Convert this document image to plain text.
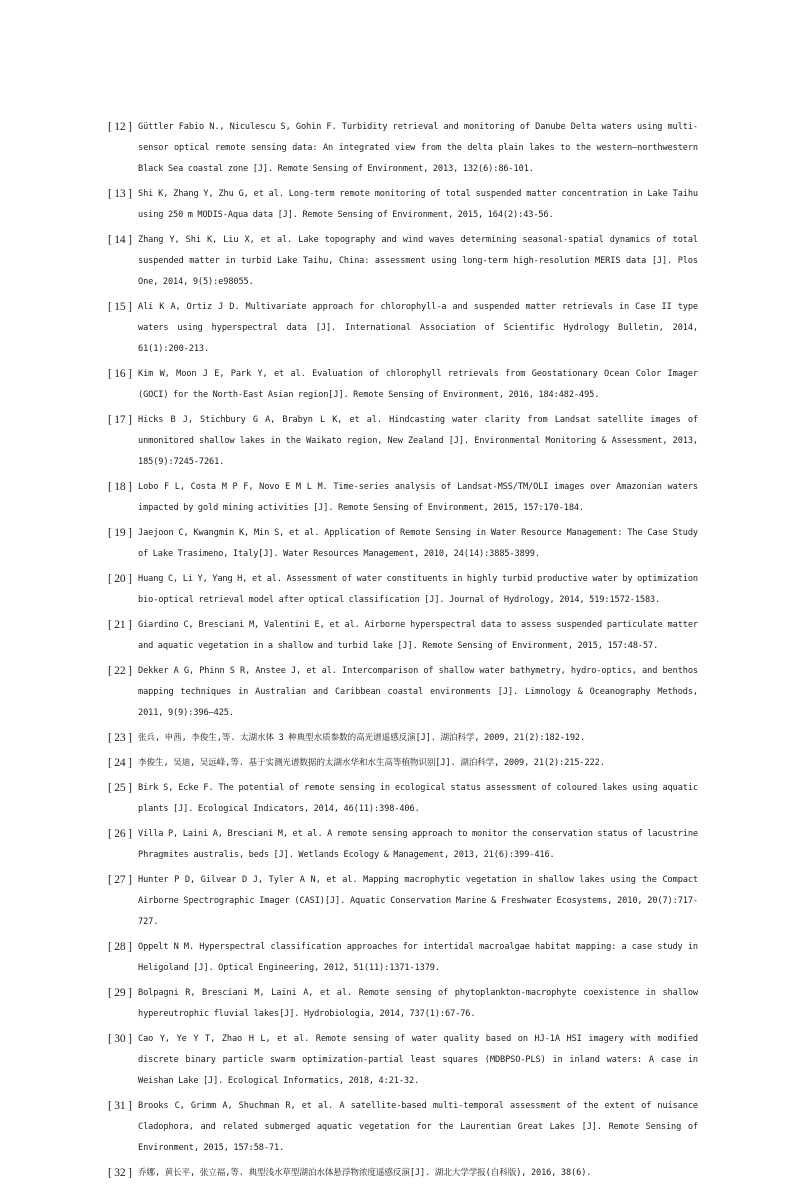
[ 12 ] Güttler Fabio N., Niculescu S, Gohin F. Turbidity retrieval and monitoring of Danube Delta waters using multi-sensor optical remote sensing data: An integrated view from the delta plain lakes to the western–northwestern Black Sea coastal zone [J]. Remote Sensing of Environment, 2013, 132(6):86-101.
[ 13 ] Shi K, Zhang Y, Zhu G, et al. Long-term remote monitoring of total suspended matter concentration in Lake Taihu using 250 m MODIS-Aqua data [J]. Remote Sensing of Environment, 2015, 164(2):43-56.
[ 14 ] Zhang Y, Shi K, Liu X, et al. Lake topography and wind waves determining seasonal-spatial dynamics of total suspended matter in turbid Lake Taihu, China: assessment using long-term high-resolution MERIS data [J]. Plos One, 2014, 9(5):e98055.
[ 15 ] Ali K A, Ortiz J D. Multivariate approach for chlorophyll-a and suspended matter retrievals in Case II type waters using hyperspectral data [J]. International Association of Scientific Hydrology Bulletin, 2014, 61(1):200-213.
[ 16 ] Kim W, Moon J E, Park Y, et al. Evaluation of chlorophyll retrievals from Geostationary Ocean Color Imager (GOCI) for the North-East Asian region[J]. Remote Sensing of Environment, 2016, 184:482-495.
[ 17 ] Hicks B J, Stichbury G A, Brabyn L K, et al. Hindcasting water clarity from Landsat satellite images of unmonitored shallow lakes in the Waikato region, New Zealand [J]. Environmental Monitoring & Assessment, 2013, 185(9):7245-7261.
[ 18 ] Lobo F L, Costa M P F, Novo E M L M. Time-series analysis of Landsat-MSS/TM/OLI images over Amazonian waters impacted by gold mining activities [J]. Remote Sensing of Environment, 2015, 157:170-184.
[ 19 ] Jaejoon C, Kwangmin K, Min S, et al. Application of Remote Sensing in Water Resource Management: The Case Study of Lake Trasimeno, Italy[J]. Water Resources Management, 2010, 24(14):3885-3899.
[ 20 ] Huang C, Li Y, Yang H, et al. Assessment of water constituents in highly turbid productive water by optimization bio-optical retrieval model after optical classification [J]. Journal of Hydrology, 2014, 519:1572-1583.
[ 21 ] Giardino C, Bresciani M, Valentini E, et al. Airborne hyperspectral data to assess suspended particulate matter and aquatic vegetation in a shallow and turbid lake [J]. Remote Sensing of Environment, 2015, 157:48-57.
[ 22 ] Dekker A G, Phinn S R, Anstee J, et al. Intercomparison of shallow water bathymetry, hydro-optics, and benthos mapping techniques in Australian and Caribbean coastal environments [J]. Limnology & Oceanography Methods, 2011, 9(9):396–425.
[ 23 ] 张兵, 申茜, 李俊生,等. 太湖水体 3 种典型水质参数的高光谱遥感反演[J]. 湖泊科学, 2009, 21(2):182-192.
[ 24 ] 李俊生, 吴迪, 吴远峰,等. 基于实测光谱数据的太湖水华和水生高等植物识别[J]. 湖泊科学, 2009, 21(2):215-222.
[ 25 ] Birk S, Ecke F. The potential of remote sensing in ecological status assessment of coloured lakes using aquatic plants [J]. Ecological Indicators, 2014, 46(11):398-406.
[ 26 ] Villa P, Laini A, Bresciani M, et al. A remote sensing approach to monitor the conservation status of lacustrine Phragmites australis, beds [J]. Wetlands Ecology & Management, 2013, 21(6):399-416.
[ 27 ] Hunter P D, Gilvear D J, Tyler A N, et al. Mapping macrophytic vegetation in shallow lakes using the Compact Airborne Spectrographic Imager (CASI)[J]. Aquatic Conservation Marine & Freshwater Ecosystems, 2010, 20(7):717-727.
[ 28 ] Oppelt N M. Hyperspectral classification approaches for intertidal macroalgae habitat mapping: a case study in Heligoland [J]. Optical Engineering, 2012, 51(11):1371-1379.
[ 29 ] Bolpagni R, Bresciani M, Laini A, et al. Remote sensing of phytoplankton-macrophyte coexistence in shallow hypereutrophic fluvial lakes[J]. Hydrobiologia, 2014, 737(1):67-76.
[ 30 ] Cao Y, Ye Y T, Zhao H L, et al. Remote sensing of water quality based on HJ-1A HSI imagery with modified discrete binary particle swarm optimization-partial least squares (MDBPSO-PLS) in inland waters: A case in Weishan Lake [J]. Ecological Informatics, 2018, 4:21-32.
[ 31 ] Brooks C, Grimm A, Shuchman R, et al. A satellite-based multi-temporal assessment of the extent of nuisance Cladophora, and related submerged aquatic vegetation for the Laurentian Great Lakes [J]. Remote Sensing of Environment, 2015, 157:58-71.
[ 32 ] 乔娜, 黄长平, 张立福,等. 典型浅水草型湖泊水体悬浮物浓度遥感反演[J]. 湖北大学学报(自科版), 2016, 38(6).
